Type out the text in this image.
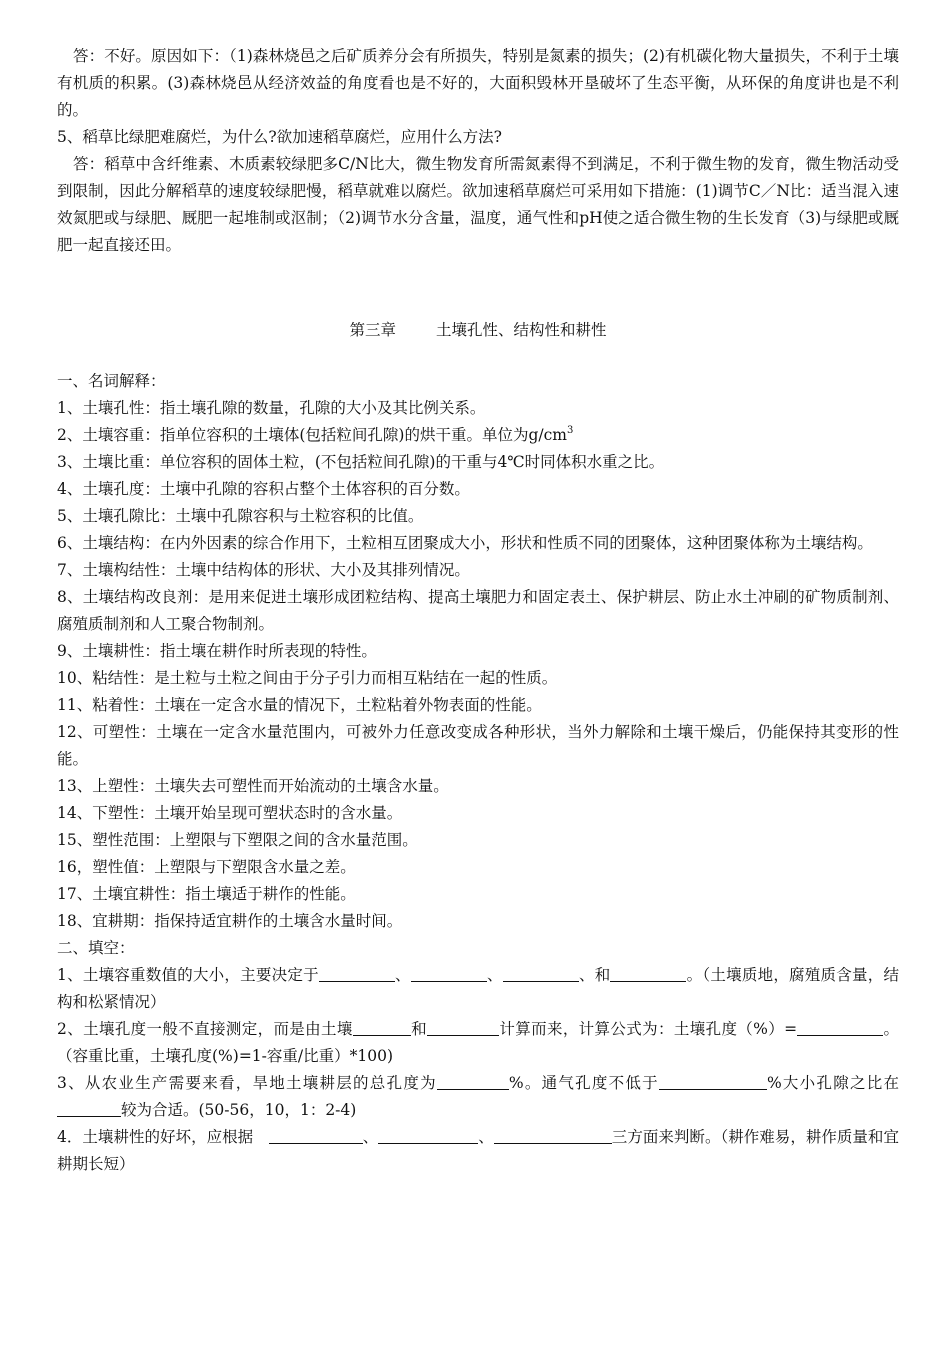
答：不好。原因如下：（1)森林烧邑之后矿质养分会有所损失，特别是氮素的损失；(2)有机碳化物大量损失，不利于土壤有机质的积累。(3)森林烧邑从经济效益的角度看也是不好的，大面积毁林开垦破坏了生态平衡，从环保的角度讲也是不利的。

5、稻草比绿肥难腐烂，为什么?欲加速稻草腐烂，应用什么方法?

答：稻草中含纤维素、木质素较绿肥多C/N比大，微生物发育所需氮素得不到满足，不利于微生物的发育，微生物活动受到限制，因此分解稻草的速度较绿肥慢，稻草就难以腐烂。欲加速稻草腐烂可采用如下措施：(1)调节C／N比：适当混入速效氮肥或与绿肥、厩肥一起堆制或沤制；（2)调节水分含量，温度，通气性和pH使之适合微生物的生长发育（3)与绿肥或厩肥一起直接还田。

第三章	土壤孔性、结构性和耕性

一、名词解释：

1、土壤孔性：指土壤孔隙的数量，孔隙的大小及其比例关系。

2、土壤容重：指单位容积的土壤体(包括粒间孔隙)的烘干重。单位为$g/cm^3$

3、土壤比重：单位容积的固体土粒，(不包括粒间孔隙)的干重与4℃时同体积水重之比。

4、土壤孔度：土壤中孔隙的容积占整个土体容积的百分数。

5、土壤孔隙比：土壤中孔隙容积与土粒容积的比值。

6、土壤结构：在内外因素的综合作用下，土粒相互团聚成大小，形状和性质不同的团聚体，这种团聚体称为土壤结构。

7、土壤构结性：土壤中结构体的形状、大小及其排列情况。

8、土壤结构改良剂：是用来促进土壤形成团粒结构、提高土壤肥力和固定表土、保护耕层、防止水土冲刷的矿物质制剂、腐殖质制剂和人工聚合物制剂。

9、土壤耕性：指土壤在耕作时所表现的特性。

10、粘结性：是土粒与土粒之间由于分子引力而相互粘结在一起的性质。

11、粘着性：土壤在一定含水量的情况下，土粒粘着外物表面的性能。

12、可塑性：土壤在一定含水量范围内，可被外力任意改变成各种形状，当外力解除和土壤干燥后，仍能保持其变形的性能。

13、上塑性：土壤失去可塑性而开始流动的土壤含水量。

14、下塑性：土壤开始呈现可塑状态时的含水量。

15、塑性范围：上塑限与下塑限之间的含水量范围。

16，塑性值：上塑限与下塑限含水量之差。

17、土壤宜耕性：指土壤适于耕作的性能。

18、宜耕期：指保持适宜耕作的土壤含水量时间。

二、填空：

1、土壤容重数值的大小，主要决定于	、	、	、和	。（土壤质地，腐殖质含量，结构和松紧情况）

2、土壤孔度一般不直接测定，而是由土壤	和	计算而来，计算公式为：土壤孔度（%）=	。（容重比重，土壤孔度(%)=1-容重/比重）*100)

3、从农业生产需要来看，旱地土壤耕层的总孔度为	%。通气孔度不低于	%大小孔隙之比在较为合适。(50-56，10，1：2-4)

4．土壤耕性的好坏，应根据　	、	、	三方面来判断。（耕作难易，耕作质量和宜耕期长短）
